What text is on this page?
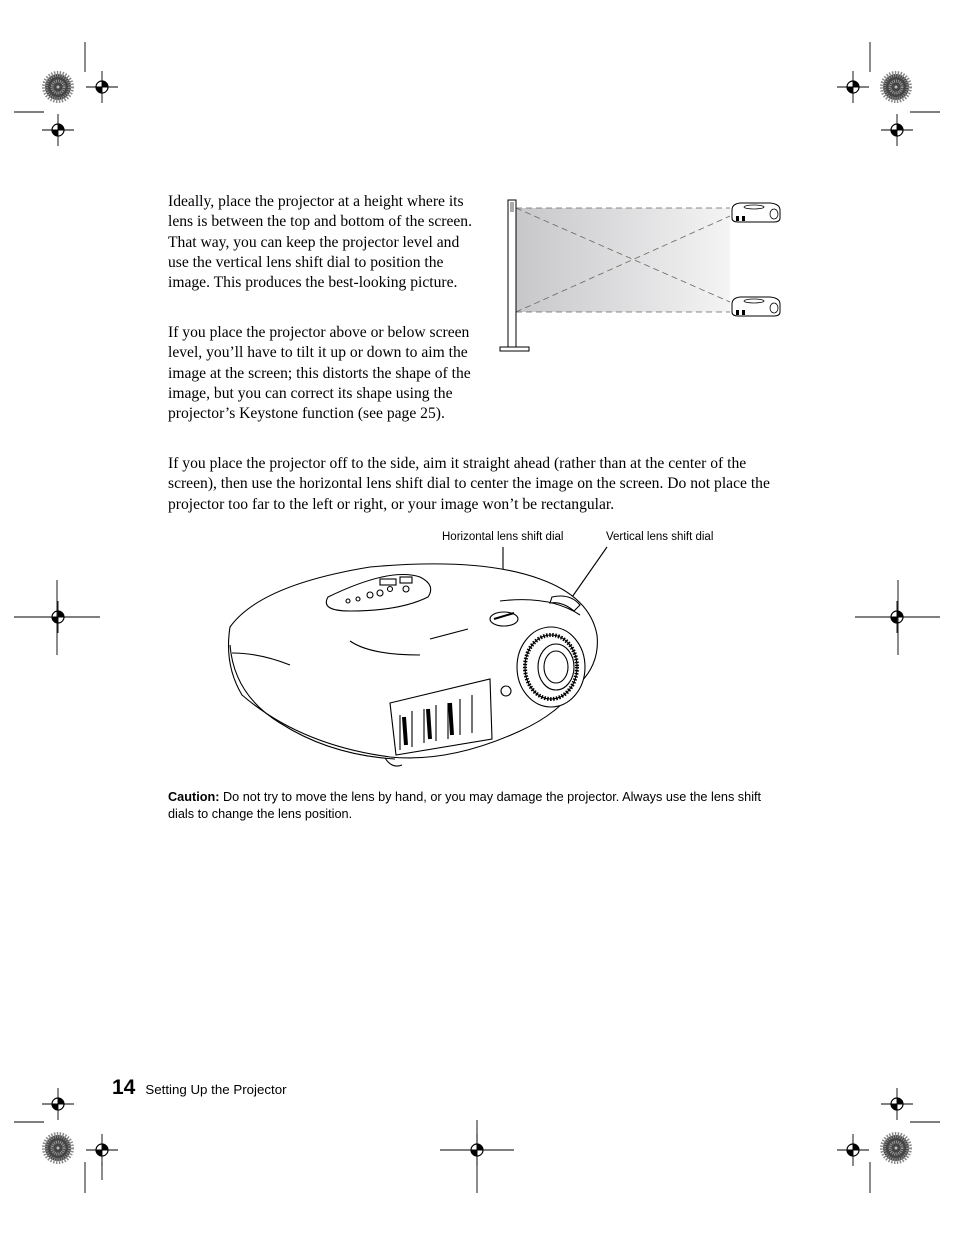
Ideally, place the projector at a height where its lens is between the top and bottom of the screen. That way, you can keep the projector level and use the vertical lens shift dial to position the image. This produces the best-looking picture.

If you place the projector above or below screen level, you’ll have to tilt it up or down to aim the image at the screen; this distorts the shape of the image, but you can correct its shape using the projector’s Keystone function (see page 25).

If you place the projector off to the side, aim it straight ahead (rather than at the center of the screen), then use the horizontal lens shift dial to center the image on the screen. Do not place the projector too far to the left or right, or your image won’t be rectangular.

Horizontal lens shift dial	Vertical lens shift dial

Caution: Do not try to move the lens by hand, or you may damage the projector. Always use the lens shift dials to change the lens position.

14 Setting Up the Projector
